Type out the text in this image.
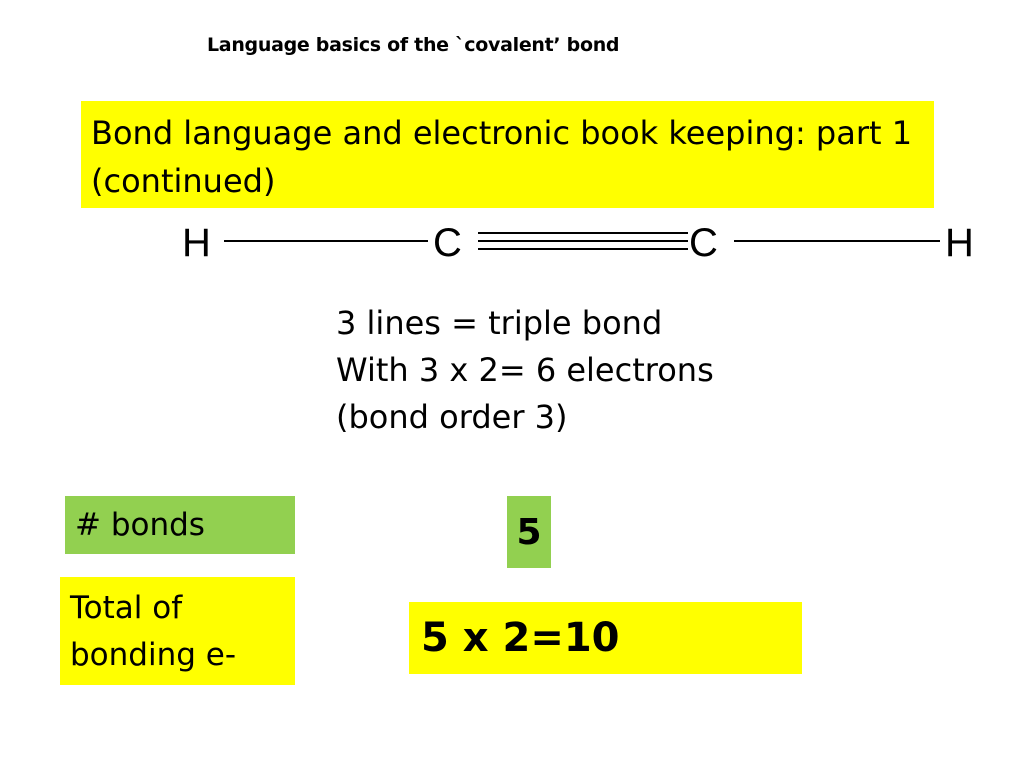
Language basics of the `covalent’ bond
Bond language and electronic book keeping: part 1
(continued)
H	C	C	H
3 lines = triple bond
With 3 x 2= 6 electrons
(bond order 3)
# bonds	5
Total of
bonding e-	5 x 2=10
